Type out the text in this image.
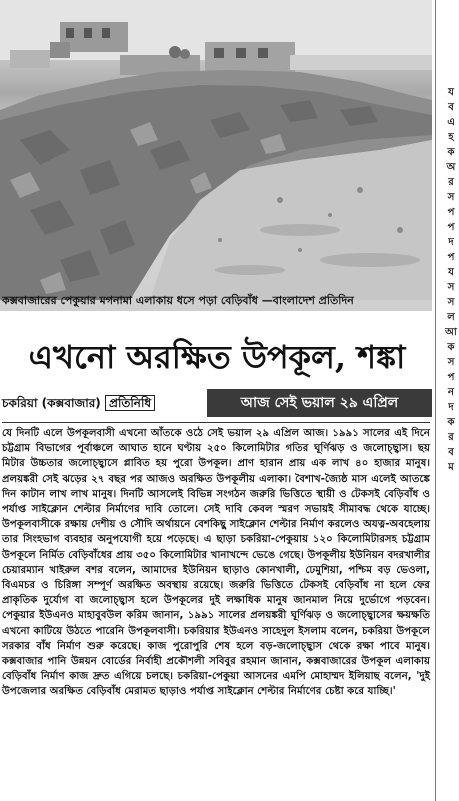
কক্সবাজারের পেকুয়ার মগনামা এলাকায় ধসে পড়া বেড়িবাঁধ —বাংলাদেশ প্রতিদিন
এখনো অরক্ষিত উপকূল, শঙ্কা
চকরিয়া (কক্সবাজার) প্রতিনিধি	আজ সেই ভয়াল ২৯ এপ্রিল
যে দিনটি এলে উপকূলবাসী এখনো আঁতকে ওঠে সেই ভয়াল ২৯ এপ্রিল আজ। ১৯৯১ সালের এই দিনে চট্টগ্রাম বিভাগের পূর্বাঞ্চলে আঘাত হানে ঘণ্টায় ২৫০ কিলোমিটার গতির ঘূর্ণিঝড় ও জলোচ্ছ্বাস। ছয় মিটার উচ্চতার জলোচ্ছ্বাসে প্লাবিত হয় পুরো উপকূল। প্রাণ হারান প্রায় এক লাখ ৪০ হাজার মানুষ। প্রলয়ঙ্করী সেই ঝড়ের ২৭ বছর পর আজও অরক্ষিত উপকূলীয় এলাকা। বৈশাখ-জ্যৈষ্ঠ মাস এলেই আতঙ্কে দিন কাটান লাখ লাখ মানুষ। দিনটি আসলেই বিভিন্ন সংগঠন জরুরি ভিত্তিতে স্থায়ী ও টেকসই বেড়িবাঁধ ও পর্যাপ্ত সাইক্লোন শেল্টার নির্মাণের দাবি তোলে। সেই দাবি কেবল স্মরণ সভায়ই সীমাবদ্ধ থেকে যাচ্ছে। উপকূলবাসীকে রক্ষায় দেশীয় ও সৌদি অর্থায়নে বেশকিছু সাইক্লোন শেল্টার নির্মাণ করলেও অযত্ন-অবহেলায় তার সিংহভাগ ব্যবহার অনুপযোগী হয়ে পড়েছে। এ ছাড়া চকরিয়া-পেকুয়ায় ১২০ কিলোমিটারসহ চট্টগ্রাম উপকূলে নির্মিত বেড়িবাঁধের প্রায় ৩৫০ কিলোমিটার খানাখন্দে ভেঙে গেছে। উপকূলীয় ইউনিয়ন বদরখালীর চেয়ারম্যান খাইরুল বশর বলেন, আমাদের ইউনিয়ন ছাড়াও কোনখালী, ঢেমুশিয়া, পশ্চিম বড় ভেওলা, বিএমচর ও চিরিঙ্গা সম্পূর্ণ অরক্ষিত অবস্থায় রয়েছে। জরুরি ভিত্তিতে টেকসই বেড়িবাঁধ না হলে ফের প্রাকৃতিক দুর্যোগ বা জলোচ্ছ্বাস হলে উপকূলের দুই লক্ষাধিক মানুষ জানমাল নিয়ে দুর্ভোগে পড়বেন। পেকুয়ার ইউএনও মাহাবুবউল করিম জানান, ১৯৯১ সালের প্রলয়ঙ্করী ঘূর্ণিঝড় ও জলোচ্ছ্বাসের ক্ষয়ক্ষতি এখনো কাটিয়ে উঠতে পারেনি উপকূলবাসী। চকরিয়ার ইউএনও সাহেদুল ইসলাম বলেন, চকরিয়া উপকূলে সরকার বাঁধ নির্মাণ শুরু করেছে। কাজ পুরোপুরি শেষ হলে বড়-জলোচ্ছ্বাস থেকে রক্ষা পাবে মানুষ। কক্সবাজার পানি উন্নয়ন বোর্ডের নির্বাহী প্রকৌশলী সবিবুর রহমান জানান, কক্সবাজারের উপকূল এলাকায় বেড়িবাঁধ নির্মাণ কাজ দ্রুত এগিয়ে চলছে। চকরিয়া-পেকুয়া আসনের এমপি মোহাম্মদ ইলিয়াছ বলেন, 'দুই উপজেলার অরক্ষিত বেড়িবাঁধ মেরামত ছাড়াও পর্যাপ্ত সাইক্লোন শেল্টার নির্মাণের চেষ্টা করে যাচ্ছি।'
য
ব
এ
হ
ক
অ
র
স
প
প
দ
প
য
স
স
ল
আ
ক
স
প
ন
দ
ক
র
ব
ম
